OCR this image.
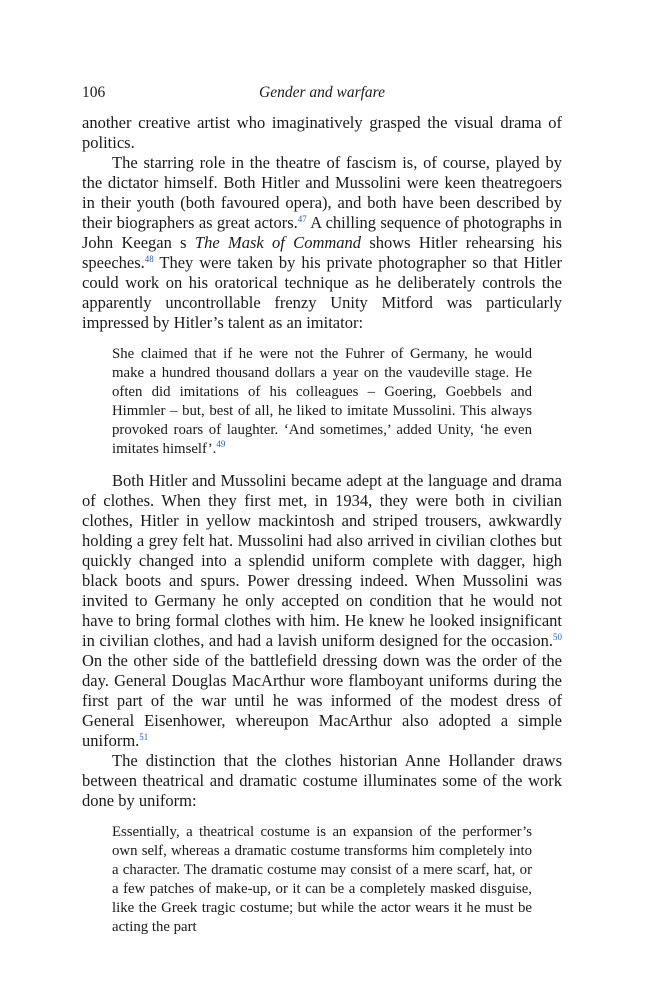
106	Gender and warfare

another creative artist who imaginatively grasped the visual drama of politics.

The starring role in the theatre of fascism is, of course, played by the dictator himself. Both Hitler and Mussolini were keen theatregoers in their youth (both favoured opera), and both have been described by their biographers as great actors.$^{47}$ A chilling sequence of photographs in John Keegan s The Mask of Command shows Hitler rehearsing his speeches.$^{48}$ They were taken by his private photographer so that Hitler could work on his oratorical technique as he deliberately controls the apparently uncontrollable frenzy Unity Mitford was particularly impressed by Hitler’s talent as an imitator:

She claimed that if he were not the Fuhrer of Germany, he would make a hundred thousand dollars a year on the vaudeville stage. He often did imitations of his colleagues – Goering, Goebbels and Himmler – but, best of all, he liked to imitate Mussolini. This always provoked roars of laughter. ‘And sometimes,’ added Unity, ‘he even imitates himself’.$^{49}$

Both Hitler and Mussolini became adept at the language and drama of clothes. When they first met, in 1934, they were both in civilian clothes, Hitler in yellow mackintosh and striped trousers, awkwardly holding a grey felt hat. Mussolini had also arrived in civilian clothes but quickly changed into a splendid uniform complete with dagger, high black boots and spurs. Power dressing indeed. When Mussolini was invited to Germany he only accepted on condition that he would not have to bring formal clothes with him. He knew he looked insignificant in civilian clothes, and had a lavish uniform designed for the occasion.$^{50}$ On the other side of the battlefield dressing down was the order of the day. General Douglas MacArthur wore flamboyant uniforms during the first part of the war until he was informed of the modest dress of General Eisenhower, whereupon MacArthur also adopted a simple uniform.$^{51}$

The distinction that the clothes historian Anne Hollander draws between theatrical and dramatic costume illuminates some of the work done by uniform:

Essentially, a theatrical costume is an expansion of the performer’s own self, whereas a dramatic costume transforms him completely into a character. The dramatic costume may consist of a mere scarf, hat, or a few patches of make-up, or it can be a completely masked disguise, like the Greek tragic costume; but while the actor wears it he must be acting the part
